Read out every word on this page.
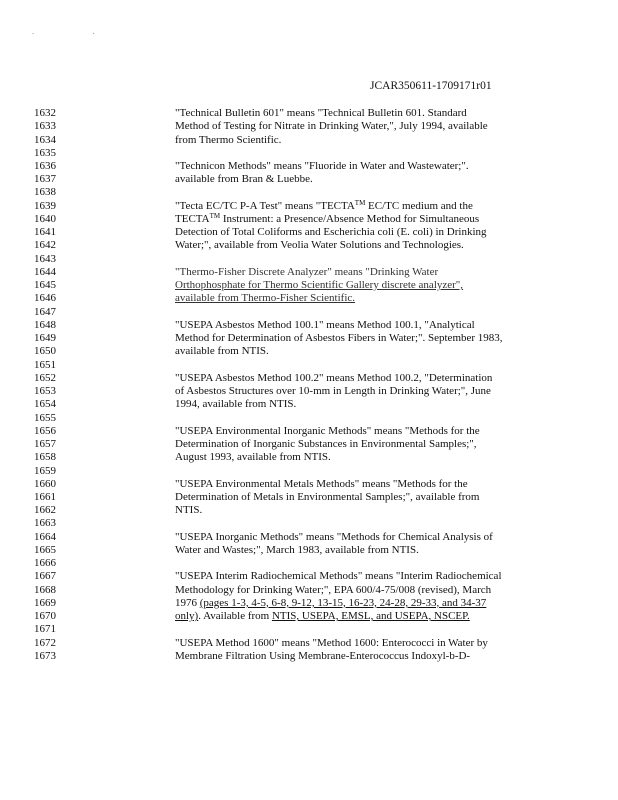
. .
JCAR350611-1709171r01
1632	"Technical Bulletin 601" means "Technical Bulletin 601. Standard
1633	Method of Testing for Nitrate in Drinking Water,", July 1994, available
1634	from Thermo Scientific.
1635
1636	"Technicon Methods" means "Fluoride in Water and Wastewater;".
1637	available from Bran & Luebbe.
1638
1639	"Tecta EC/TC P-A Test" means "TECTA™ EC/TC medium and the
1640	TECTA™ Instrument: a Presence/Absence Method for Simultaneous
1641	Detection of Total Coliforms and Escherichia coli (E. coli) in Drinking
1642	Water;", available from Veolia Water Solutions and Technologies.
1643
1644	"Thermo-Fisher Discrete Analyzer" means "Drinking Water
1645	Orthophosphate for Thermo Scientific Gallery discrete analyzer",
1646	available from Thermo-Fisher Scientific.
1647
1648	"USEPA Asbestos Method 100.1" means Method 100.1, "Analytical
1649	Method for Determination of Asbestos Fibers in Water;". September 1983,
1650	available from NTIS.
1651
1652	"USEPA Asbestos Method 100.2" means Method 100.2, "Determination
1653	of Asbestos Structures over 10-mm in Length in Drinking Water;", June
1654	1994, available from NTIS.
1655
1656	"USEPA Environmental Inorganic Methods" means "Methods for the
1657	Determination of Inorganic Substances in Environmental Samples;",
1658	August 1993, available from NTIS.
1659
1660	"USEPA Environmental Metals Methods" means "Methods for the
1661	Determination of Metals in Environmental Samples;", available from
1662	NTIS.
1663
1664	"USEPA Inorganic Methods" means "Methods for Chemical Analysis of
1665	Water and Wastes;", March 1983, available from NTIS.
1666
1667	"USEPA Interim Radiochemical Methods" means "Interim Radiochemical
1668	Methodology for Drinking Water;", EPA 600/4-75/008 (revised), March
1669	1976 (pages 1-3, 4-5, 6-8, 9-12, 13-15, 16-23, 24-28, 29-33, and 34-37
1670	only). Available from NTIS, USEPA, EMSL, and USEPA, NSCEP.
1671
1672	"USEPA Method 1600" means "Method 1600: Enterococci in Water by
1673	Membrane Filtration Using Membrane-Enterococcus Indoxyl-b-D-
